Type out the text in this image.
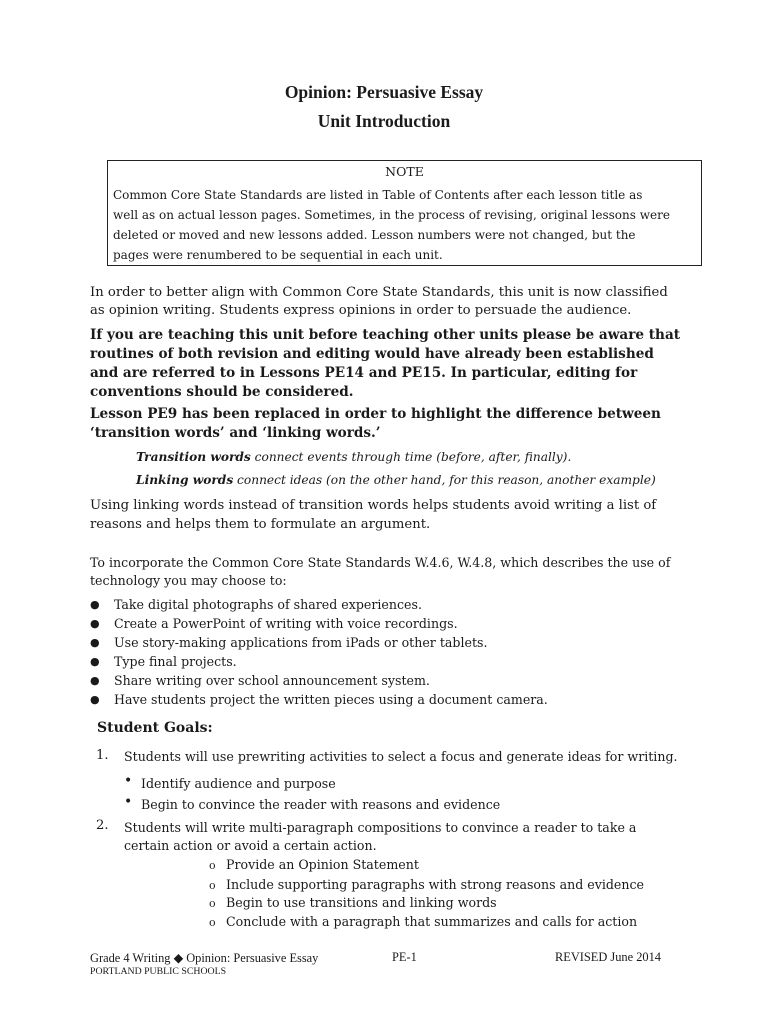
Opinion: Persuasive Essay
Unit Introduction
NOTE
Common Core State Standards are listed in Table of Contents after each lesson title as
well as on actual lesson pages. Sometimes, in the process of revising, original lessons were
deleted or moved and new lessons added. Lesson numbers were not changed, but the
pages were renumbered to be sequential in each unit.
In order to better align with Common Core State Standards, this unit is now classified
as opinion writing. Students express opinions in order to persuade the audience.
If you are teaching this unit before teaching other units please be aware that
routines of both revision and editing would have already been established
and are referred to in Lessons PE14 and PE15. In particular, editing for
conventions should be considered.
Lesson PE9 has been replaced in order to highlight the difference between
‘transition words’ and ‘linking words.’
Transition words connect events through time (before, after, finally).
Linking words connect ideas (on the other hand, for this reason, another example)
Using linking words instead of transition words helps students avoid writing a list of
reasons and helps them to formulate an argument.
To incorporate the Common Core State Standards W.4.6, W.4.8, which describes the use of
technology you may choose to:
● Take digital photographs of shared experiences.
● Create a PowerPoint of writing with voice recordings.
● Use story-making applications from iPads or other tablets.
● Type final projects.
● Share writing over school announcement system.
● Have students project the written pieces using a document camera.
Student Goals:
1. Students will use prewriting activities to select a focus and generate ideas for writing.
• Identify audience and purpose
• Begin to convince the reader with reasons and evidence
2. Students will write multi-paragraph compositions to convince a reader to take a
certain action or avoid a certain action.
o Provide an Opinion Statement
o Include supporting paragraphs with strong reasons and evidence
o Begin to use transitions and linking words
o Conclude with a paragraph that summarizes and calls for action
Grade 4 Writing ◆ Opinion: Persuasive Essay	PE-1	REVISED June 2014
PORTLAND PUBLIC SCHOOLS
